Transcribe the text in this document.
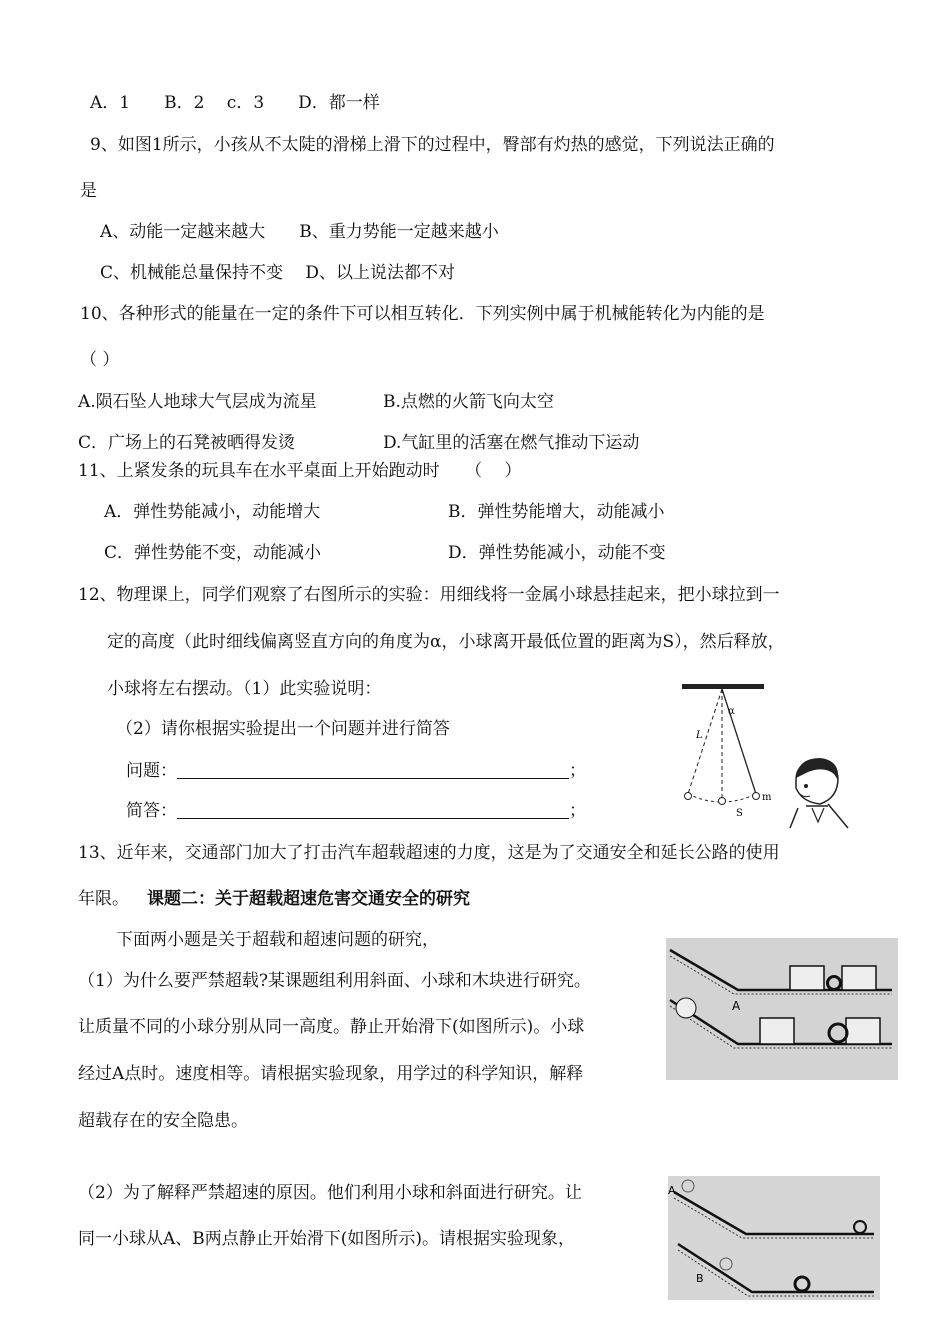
A．1　　B．2　 c．3　　D．都一样
9、如图1所示，小孩从不太陡的滑梯上滑下的过程中，臀部有灼热的感觉，下列说法正确的
是
A、动能一定越来越大　　B、重力势能一定越来越小
C、机械能总量保持不变　 D、以上说法都不对
10、各种形式的能量在一定的条件下可以相互转化．下列实例中属于机械能转化为内能的是
（ ）
A.陨石坠人地球大气层成为流星	B.点燃的火箭飞向太空
C．广场上的石凳被晒得发烫	D.气缸里的活塞在燃气推动下运动
11、上紧发条的玩具车在水平桌面上开始跑动时　　（　 ）
A．弹性势能减小，动能增大	B．弹性势能增大，动能减小
C．弹性势能不变，动能减小	D．弹性势能减小，动能不变
12、物理课上，同学们观察了右图所示的实验：用细线将一金属小球悬挂起来，把小球拉到一
定的高度（此时细线偏离竖直方向的角度为α，小球离开最低位置的距离为S），然后释放，
小球将左右摆动。（1）此实验说明：
（2）请你根据实验提出一个问题并进行简答
问题：	；
简答：	；
α
L
S
m
13、近年来，交通部门加大了打击汽车超载超速的力度，这是为了交通安全和延长公路的使用
年限。 课题二：关于超载超速危害交通安全的研究
下面两小题是关于超载和超速问题的研究，
（1）为什么要严禁超载?某课题组利用斜面、小球和木块进行研究。
让质量不同的小球分别从同一高度。静止开始滑下(如图所示)。小球
经过A点时。速度相等。请根据实验现象，用学过的科学知识，解释
超载存在的安全隐患。
（2）为了解释严禁超速的原因。他们利用小球和斜面进行研究。让
同一小球从A、B两点静止开始滑下(如图所示)。请根据实验现象，
A
A
B
